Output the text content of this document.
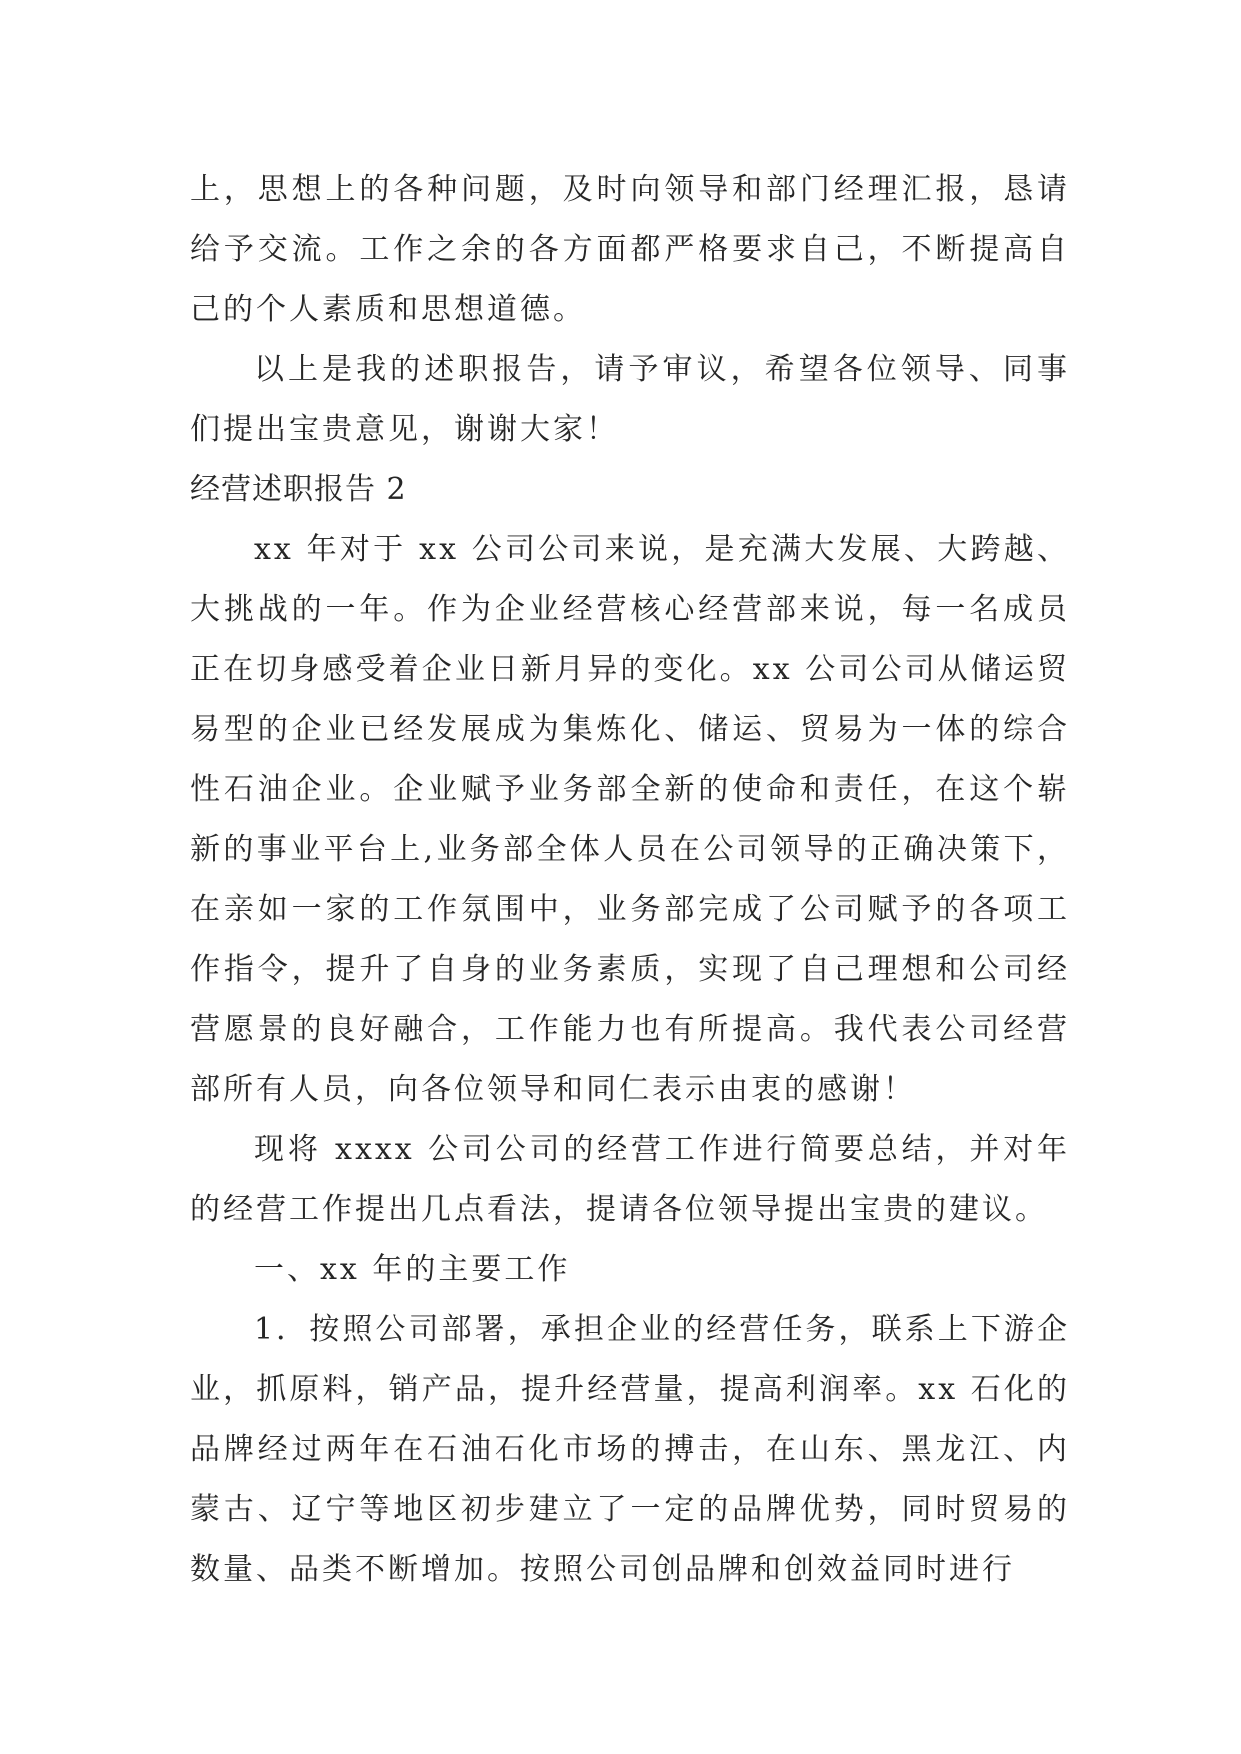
上，思想上的各种问题，及时向领导和部门经理汇报，恳请给予交流。工作之余的各方面都严格要求自己，不断提高自己的个人素质和思想道德。

以上是我的述职报告，请予审议，希望各位领导、同事们提出宝贵意见，谢谢大家！

经营述职报告 2

xx 年对于 xx 公司公司来说，是充满大发展、大跨越、大挑战的一年。作为企业经营核心经营部来说，每一名成员正在切身感受着企业日新月异的变化。xx 公司公司从储运贸易型的企业已经发展成为集炼化、储运、贸易为一体的综合性石油企业。企业赋予业务部全新的使命和责任，在这个崭新的事业平台上,业务部全体人员在公司领导的正确决策下，在亲如一家的工作氛围中，业务部完成了公司赋予的各项工作指令，提升了自身的业务素质，实现了自己理想和公司经营愿景的良好融合，工作能力也有所提高。我代表公司经营部所有人员，向各位领导和同仁表示由衷的感谢！

现将 xxxx 公司公司的经营工作进行简要总结，并对年的经营工作提出几点看法，提请各位领导提出宝贵的建议。

一、xx 年的主要工作

1．按照公司部署，承担企业的经营任务，联系上下游企业，抓原料，销产品，提升经营量，提高利润率。xx 石化的品牌经过两年在石油石化市场的搏击，在山东、黑龙江、内蒙古、辽宁等地区初步建立了一定的品牌优势，同时贸易的数量、品类不断增加。按照公司创品牌和创效益同时进行
